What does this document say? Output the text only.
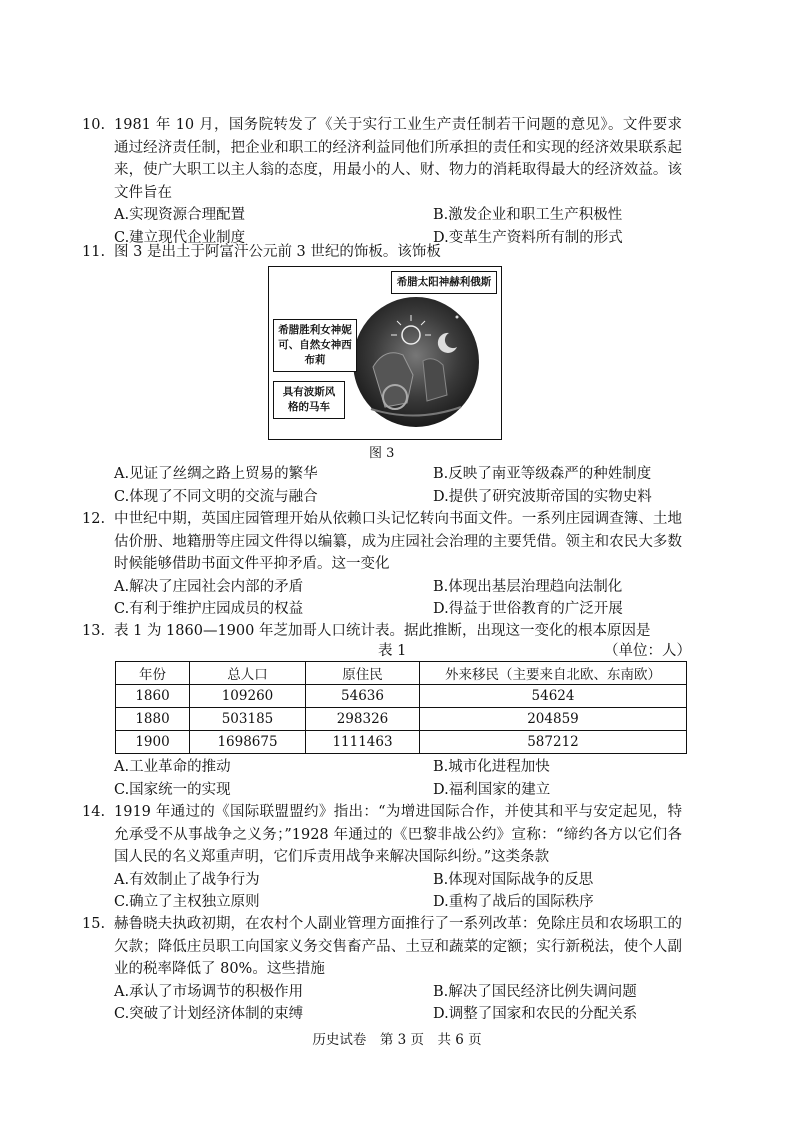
10. 1981 年 10 月，国务院转发了《关于实行工业生产责任制若干问题的意见》。文件要求通过经济责任制，把企业和职工的经济利益同他们所承担的责任和实现的经济效果联系起来，使广大职工以主人翁的态度，用最小的人、财、物力的消耗取得最大的经济效益。该文件旨在
A.实现资源合理配置	B.激发企业和职工生产积极性
C.建立现代企业制度	D.变革生产资料所有制的形式
11. 图 3 是出土于阿富汗公元前 3 世纪的饰板。该饰板
希腊太阳神赫利俄斯
希腊胜利女神妮可、自然女神西布莉
具有波斯风格的马车
图 3
A.见证了丝绸之路上贸易的繁华	B.反映了南亚等级森严的种姓制度
C.体现了不同文明的交流与融合	D.提供了研究波斯帝国的实物史料
12. 中世纪中期，英国庄园管理开始从依赖口头记忆转向书面文件。一系列庄园调查簿、土地估价册、地籍册等庄园文件得以编纂，成为庄园社会治理的主要凭借。领主和农民大多数时候能够借助书面文件平抑矛盾。这一变化
A.解决了庄园社会内部的矛盾	B.体现出基层治理趋向法制化
C.有利于维护庄园成员的权益	D.得益于世俗教育的广泛开展
13. 表 1 为 1860—1900 年芝加哥人口统计表。据此推断，出现这一变化的根本原因是
表 1	（单位：人）
年份	总人口	原住民	外来移民（主要来自北欧、东南欧）
1860	109260	54636	54624
1880	503185	298326	204859
1900	1698675	1111463	587212
A.工业革命的推动	B.城市化进程加快
C.国家统一的实现	D.福利国家的建立
14. 1919 年通过的《国际联盟盟约》指出：“为增进国际合作，并使其和平与安定起见，特允承受不从事战争之义务；”1928 年通过的《巴黎非战公约》宣称：“缔约各方以它们各国人民的名义郑重声明，它们斥责用战争来解决国际纠纷。”这类条款
A.有效制止了战争行为	B.体现对国际战争的反思
C.确立了主权独立原则	D.重构了战后的国际秩序
15. 赫鲁晓夫执政初期，在农村个人副业管理方面推行了一系列改革：免除庄员和农场职工的欠款；降低庄员职工向国家义务交售畜产品、土豆和蔬菜的定额；实行新税法，使个人副业的税率降低了 80%。这些措施
A.承认了市场调节的积极作用	B.解决了国民经济比例失调问题
C.突破了计划经济体制的束缚	D.调整了国家和农民的分配关系
历史试卷　第 3 页　共 6 页
